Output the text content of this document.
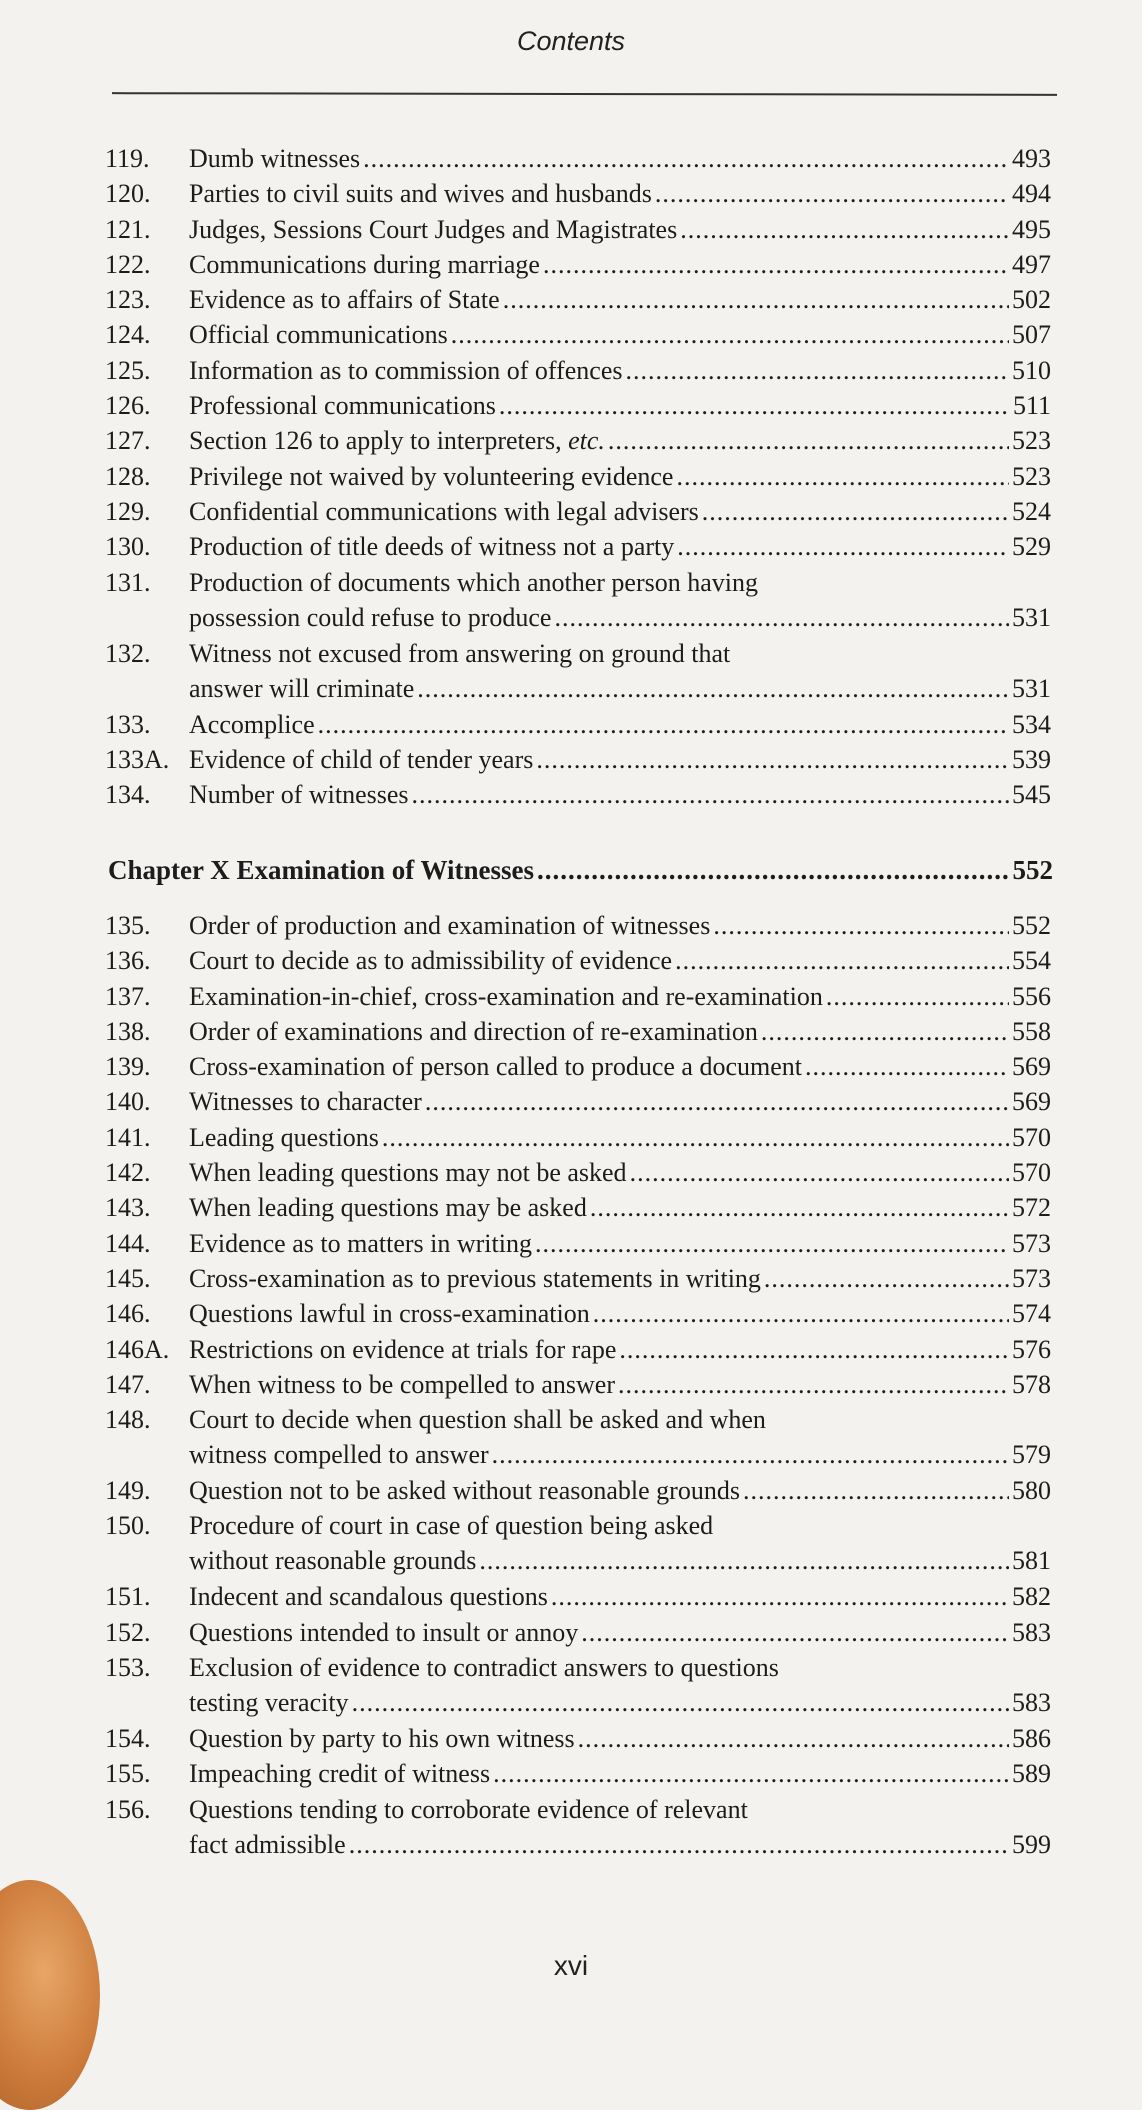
Contents
119.	Dumb witnesses .....	493
120.	Parties to civil suits and wives and husbands .....	494
121.	Judges, Sessions Court Judges and Magistrates .....	495
122.	Communications during marriage .....	497
123.	Evidence as to affairs of State .....	502
124.	Official communications .....	507
125.	Information as to commission of offences .....	510
126.	Professional communications .....	511
127.	Section 126 to apply to interpreters, etc. .....	523
128.	Privilege not waived by volunteering evidence .....	523
129.	Confidential communications with legal advisers .....	524
130.	Production of title deeds of witness not a party .....	529
131.	Production of documents which another person having
possession could refuse to produce .....	531
132.	Witness not excused from answering on ground that
answer will criminate .....	531
133.	Accomplice .....	534
133A. Evidence of child of tender years .....	539
134.	Number of witnesses .....	545
Chapter X Examination of Witnesses .....	552
135.	Order of production and examination of witnesses .....	552
136.	Court to decide as to admissibility of evidence .....	554
137.	Examination-in-chief, cross-examination and re-examination .....	556
138.	Order of examinations and direction of re-examination .....	558
139.	Cross-examination of person called to produce a document .....	569
140.	Witnesses to character .....	569
141.	Leading questions .....	570
142.	When leading questions may not be asked .....	570
143.	When leading questions may be asked .....	572
144.	Evidence as to matters in writing .....	573
145.	Cross-examination as to previous statements in writing .....	573
146.	Questions lawful in cross-examination .....	574
146A. Restrictions on evidence at trials for rape .....	576
147.	When witness to be compelled to answer .....	578
148.	Court to decide when question shall be asked and when
witness compelled to answer .....	579
149.	Question not to be asked without reasonable grounds .....	580
150.	Procedure of court in case of question being asked
without reasonable grounds .....	581
151.	Indecent and scandalous questions .....	582
152.	Questions intended to insult or annoy .....	583
153.	Exclusion of evidence to contradict answers to questions
testing veracity .....	583
154.	Question by party to his own witness .....	586
155.	Impeaching credit of witness .....	589
156.	Questions tending to corroborate evidence of relevant
fact admissible .....	599
xvi
